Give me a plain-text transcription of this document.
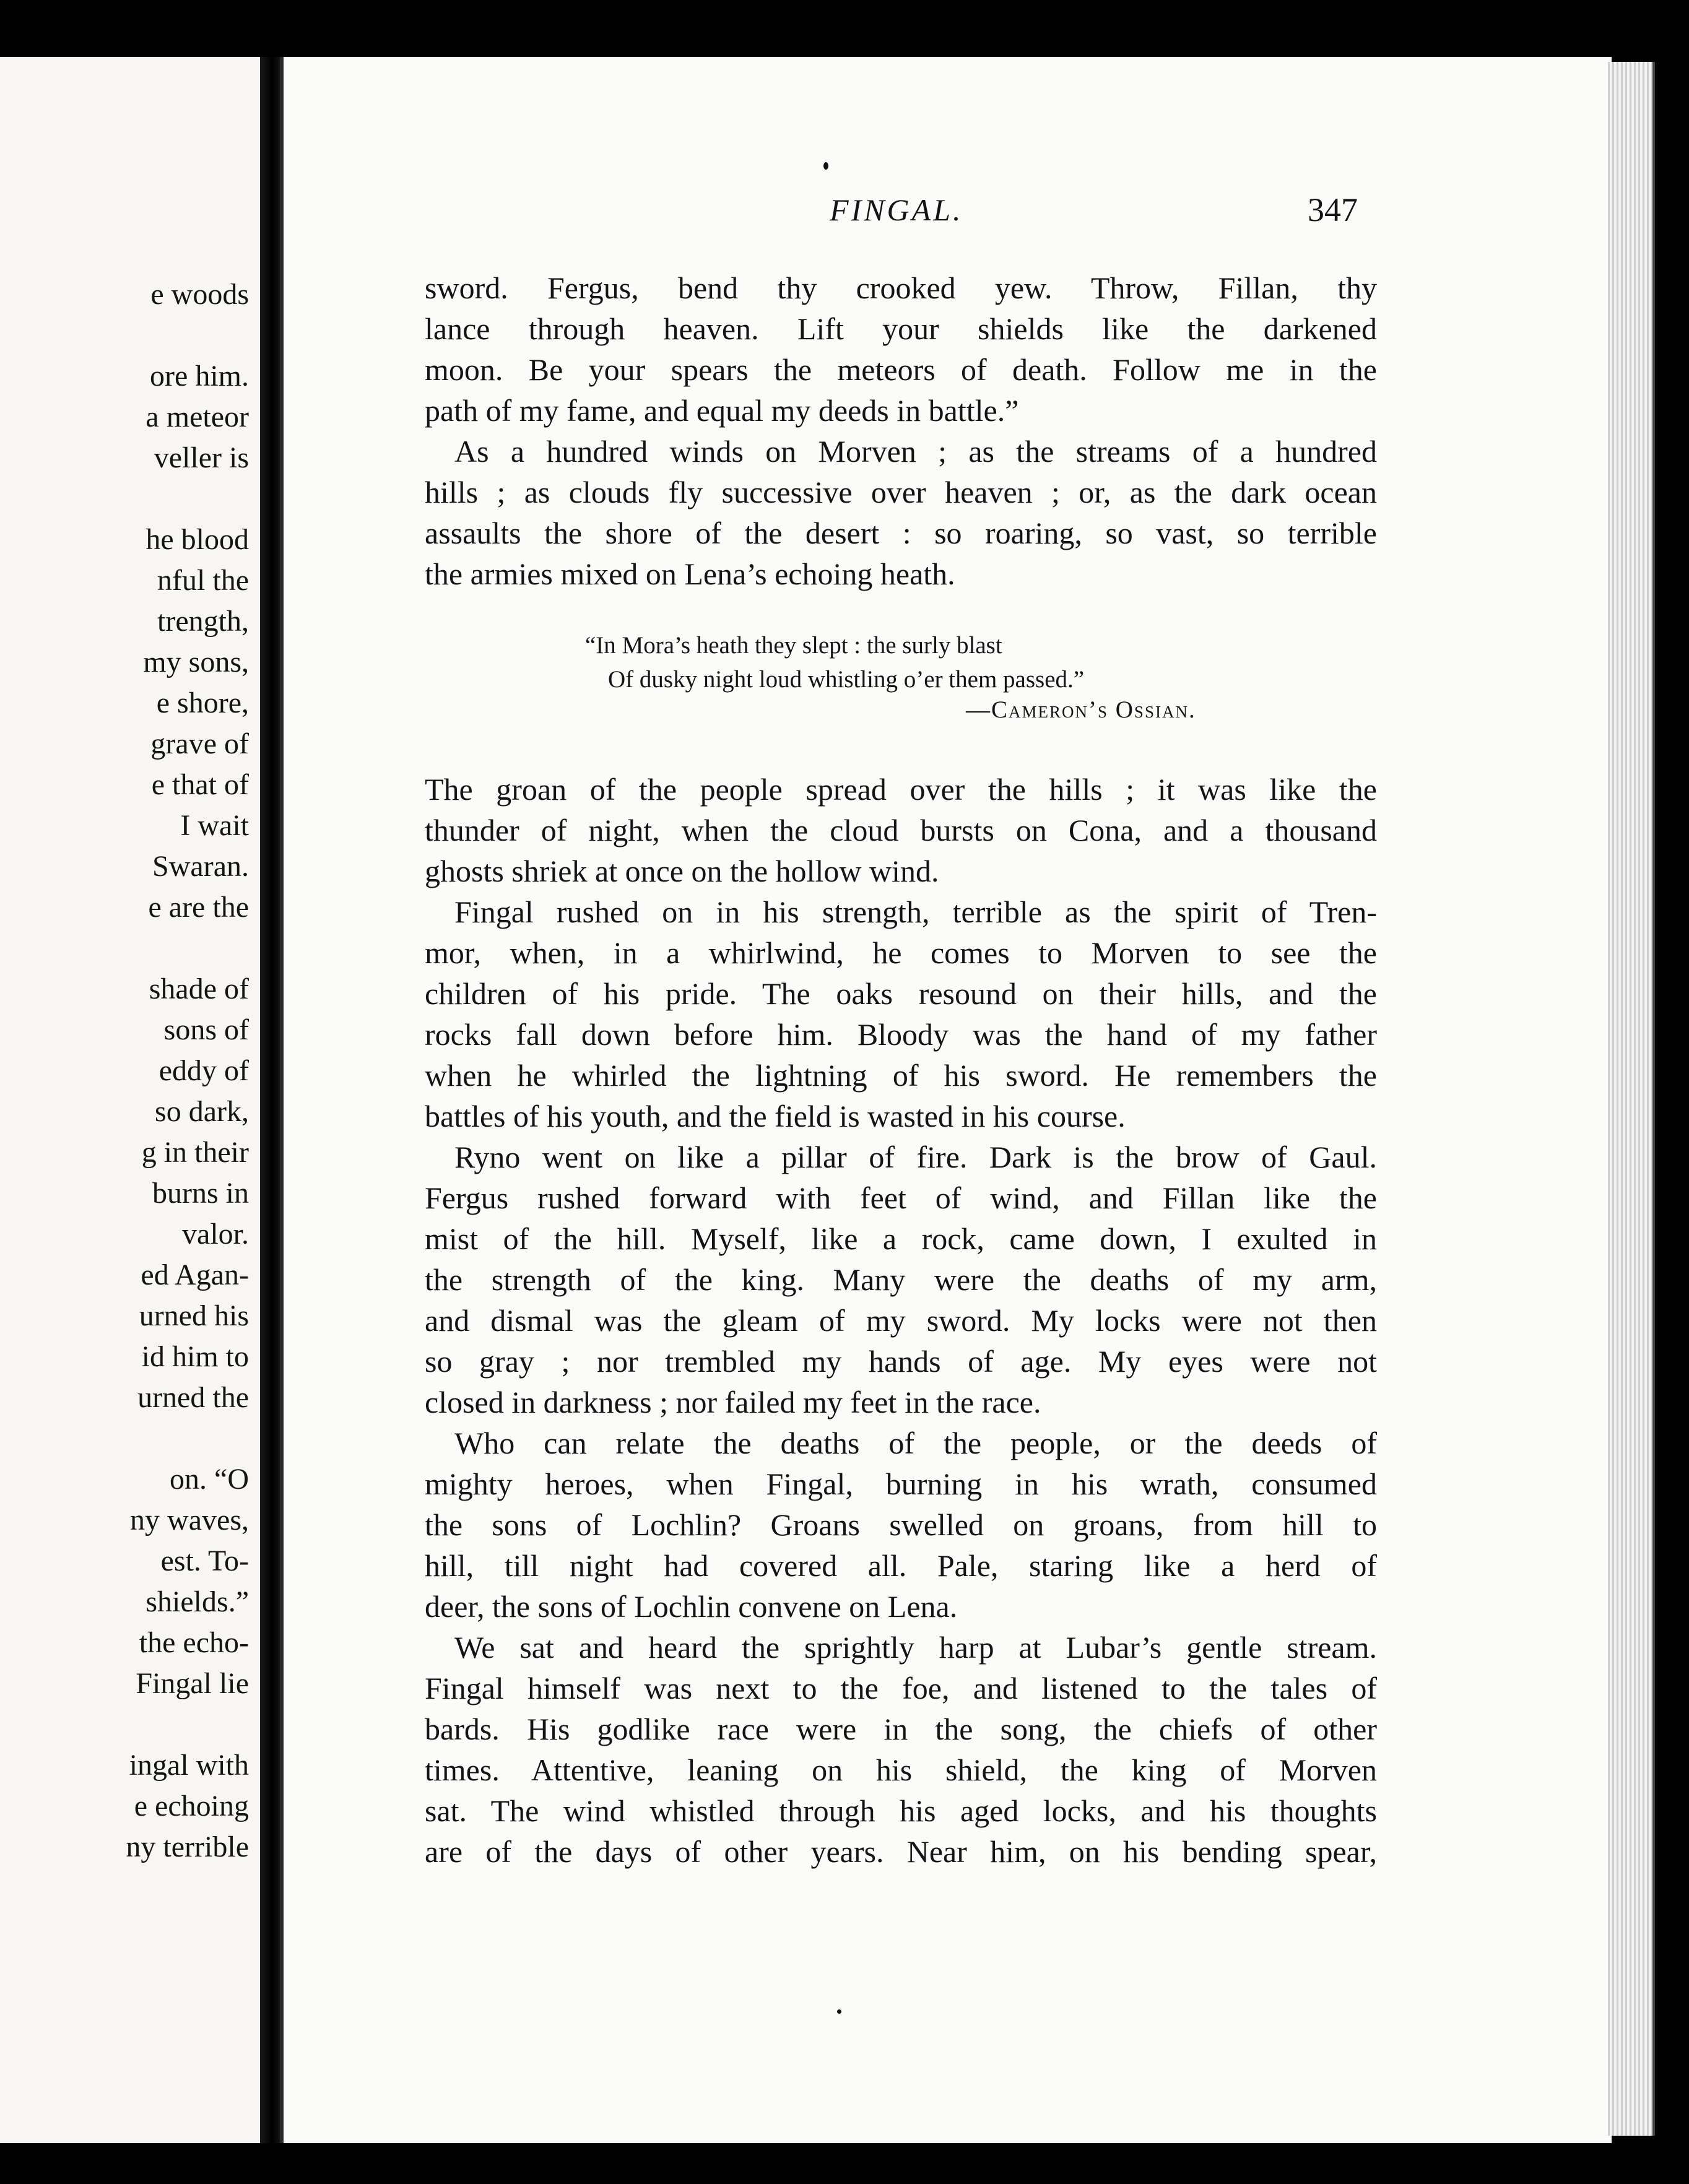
e woods
ore him.
a meteor
veller is
he blood
nful the
trength,
my sons,
e shore,
grave of
e that of
I wait
Swaran.
e are the
shade of
sons of
eddy of
so dark,
g in their
burns in
valor.
ed Agan-
urned his
id him to
urned the
on. “O
ny waves,
est. To-
shields.”
the echo-
Fingal lie
ingal with
e echoing
ny terrible
FINGAL.	347
sword. Fergus, bend thy crooked yew. Throw, Fillan, thy
lance through heaven. Lift your shields like the darkened
moon. Be your spears the meteors of death. Follow me in the
path of my fame, and equal my deeds in battle.”
As a hundred winds on Morven ; as the streams of a hundred
hills ; as clouds fly successive over heaven ; or, as the dark ocean
assaults the shore of the desert : so roaring, so vast, so terrible
the armies mixed on Lena’s echoing heath.
“In Mora’s heath they slept : the surly blast
Of dusky night loud whistling o’er them passed.”
—Cameron’s Ossian.
The groan of the people spread over the hills ; it was like the
thunder of night, when the cloud bursts on Cona, and a thousand
ghosts shriek at once on the hollow wind.
Fingal rushed on in his strength, terrible as the spirit of Tren-
mor, when, in a whirlwind, he comes to Morven to see the
children of his pride. The oaks resound on their hills, and the
rocks fall down before him. Bloody was the hand of my father
when he whirled the lightning of his sword. He remembers the
battles of his youth, and the field is wasted in his course.
Ryno went on like a pillar of fire. Dark is the brow of Gaul.
Fergus rushed forward with feet of wind, and Fillan like the
mist of the hill. Myself, like a rock, came down, I exulted in
the strength of the king. Many were the deaths of my arm,
and dismal was the gleam of my sword. My locks were not then
so gray ; nor trembled my hands of age. My eyes were not
closed in darkness ; nor failed my feet in the race.
Who can relate the deaths of the people, or the deeds of
mighty heroes, when Fingal, burning in his wrath, consumed
the sons of Lochlin? Groans swelled on groans, from hill to
hill, till night had covered all. Pale, staring like a herd of
deer, the sons of Lochlin convene on Lena.
We sat and heard the sprightly harp at Lubar’s gentle stream.
Fingal himself was next to the foe, and listened to the tales of
bards. His godlike race were in the song, the chiefs of other
times. Attentive, leaning on his shield, the king of Morven
sat. The wind whistled through his aged locks, and his thoughts
are of the days of other years. Near him, on his bending spear,
